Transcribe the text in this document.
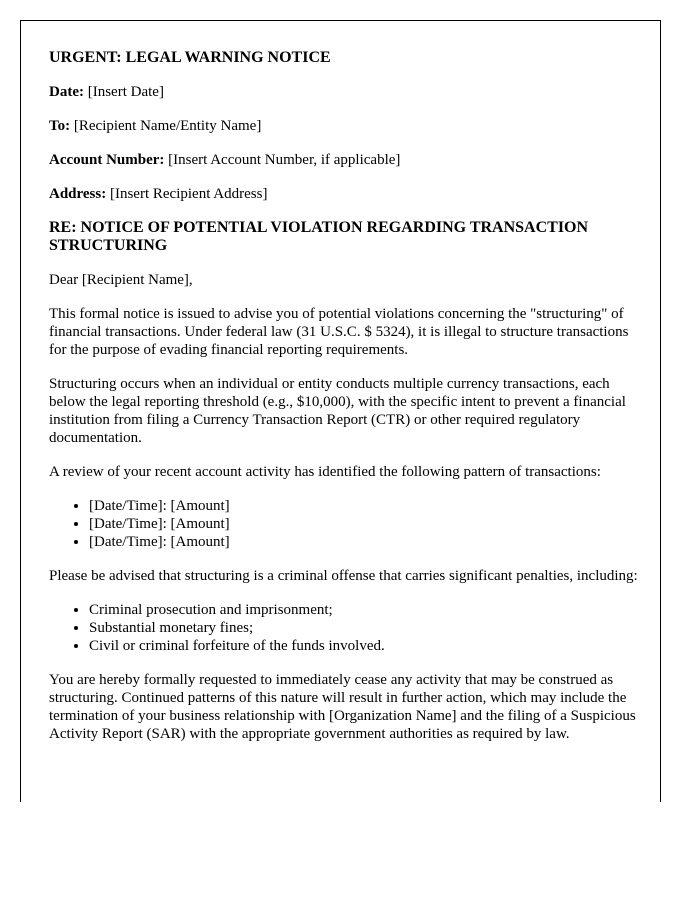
URGENT: LEGAL WARNING NOTICE
Date: [Insert Date]
To: [Recipient Name/Entity Name]
Account Number: [Insert Account Number, if applicable]
Address: [Insert Recipient Address]
RE: NOTICE OF POTENTIAL VIOLATION REGARDING TRANSACTION STRUCTURING

Dear [Recipient Name],

This formal notice is issued to advise you of potential violations concerning the "structuring" of financial transactions. Under federal law (31 U.S.C. $ 5324), it is illegal to structure transactions for the purpose of evading financial reporting requirements.

Structuring occurs when an individual or entity conducts multiple currency transactions, each below the legal reporting threshold (e.g., $10,000), with the specific intent to prevent a financial institution from filing a Currency Transaction Report (CTR) or other required regulatory documentation.

A review of your recent account activity has identified the following pattern of transactions:

• [Date/Time]: [Amount]
• [Date/Time]: [Amount]
• [Date/Time]: [Amount]

Please be advised that structuring is a criminal offense that carries significant penalties, including:

• Criminal prosecution and imprisonment;
• Substantial monetary fines;
• Civil or criminal forfeiture of the funds involved.

You are hereby formally requested to immediately cease any activity that may be construed as structuring. Continued patterns of this nature will result in further action, which may include the termination of your business relationship with [Organization Name] and the filing of a Suspicious Activity Report (SAR) with the appropriate government authorities as required by law.
